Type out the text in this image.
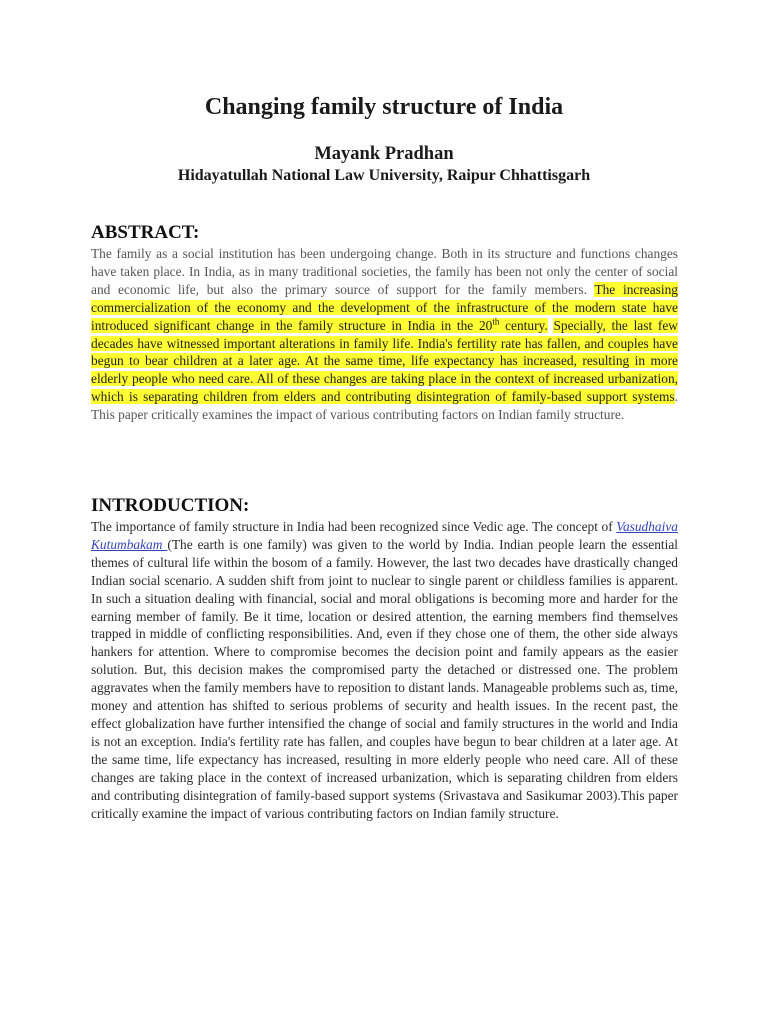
Changing family structure of India
Mayank Pradhan
Hidayatullah National Law University, Raipur Chhattisgarh
ABSTRACT:

The family as a social institution has been undergoing change. Both in its structure and functions changes have taken place. In India, as in many traditional societies, the family has been not only the center of social and economic life, but also the primary source of support for the family members. The increasing commercialization of the economy and the development of the infrastructure of the modern state have introduced significant change in the family structure in India in the 20th century. Specially, the last few decades have witnessed important alterations in family life. India's fertility rate has fallen, and couples have begun to bear children at a later age. At the same time, life expectancy has increased, resulting in more elderly people who need care. All of these changes are taking place in the context of increased urbanization, which is separating children from elders and contributing disintegration of family-based support systems. This paper critically examines the impact of various contributing factors on Indian family structure.

INTRODUCTION:

The importance of family structure in India had been recognized since Vedic age. The concept of Vasudhaiva Kutumbakam (The earth is one family) was given to the world by India. Indian people learn the essential themes of cultural life within the bosom of a family. However, the last two decades have drastically changed Indian social scenario. A sudden shift from joint to nuclear to single parent or childless families is apparent. In such a situation dealing with financial, social and moral obligations is becoming more and harder for the earning member of family. Be it time, location or desired attention, the earning members find themselves trapped in middle of conflicting responsibilities. And, even if they chose one of them, the other side always hankers for attention. Where to compromise becomes the decision point and family appears as the easier solution. But, this decision makes the compromised party the detached or distressed one. The problem aggravates when the family members have to reposition to distant lands. Manageable problems such as, time, money and attention has shifted to serious problems of security and health issues. In the recent past, the effect globalization have further intensified the change of social and family structures in the world and India is not an exception. India's fertility rate has fallen, and couples have begun to bear children at a later age. At the same time, life expectancy has increased, resulting in more elderly people who need care. All of these changes are taking place in the context of increased urbanization, which is separating children from elders and contributing disintegration of family-based support systems (Srivastava and Sasikumar 2003).This paper critically examine the impact of various contributing factors on Indian family structure.
